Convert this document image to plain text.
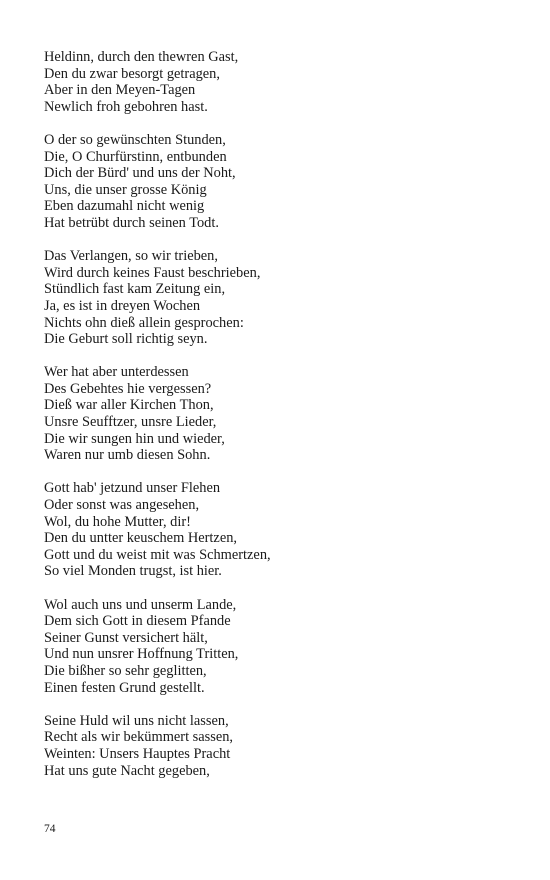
Heldinn, durch den thewren Gast,
Den du zwar besorgt getragen,
Aber in den Meyen-Tagen
Newlich froh gebohren hast.
O der so gewünschten Stunden,
Die, O Churfürstinn, entbunden
Dich der Bürd' und uns der Noht,
Uns, die unser grosse König
Eben dazumahl nicht wenig
Hat betrübt durch seinen Todt.
Das Verlangen, so wir trieben,
Wird durch keines Faust beschrieben,
Stündlich fast kam Zeitung ein,
Ja, es ist in dreyen Wochen
Nichts ohn dieß allein gesprochen:
Die Geburt soll richtig seyn.
Wer hat aber unterdessen
Des Gebehtes hie vergessen?
Dieß war aller Kirchen Thon,
Unsre Seufftzer, unsre Lieder,
Die wir sungen hin und wieder,
Waren nur umb diesen Sohn.
Gott hab' jetzund unser Flehen
Oder sonst was angesehen,
Wol, du hohe Mutter, dir!
Den du untter keuschem Hertzen,
Gott und du weist mit was Schmertzen,
So viel Monden trugst, ist hier.
Wol auch uns und unserm Lande,
Dem sich Gott in diesem Pfande
Seiner Gunst versichert hält,
Und nun unsrer Hoffnung Tritten,
Die bißher so sehr geglitten,
Einen festen Grund gestellt.
Seine Huld wil uns nicht lassen,
Recht als wir bekümmert sassen,
Weinten: Unsers Hauptes Pracht
Hat uns gute Nacht gegeben,
74
